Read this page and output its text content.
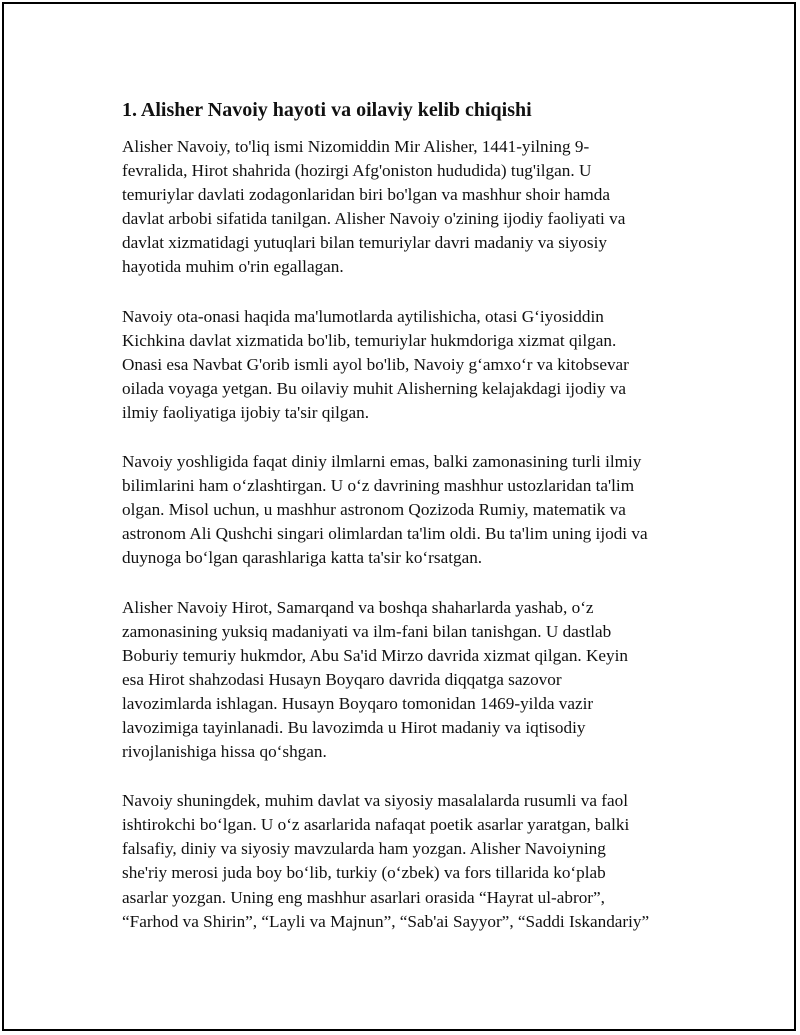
1. Alisher Navoiy hayoti va oilaviy kelib chiqishi

Alisher Navoiy, to'liq ismi Nizomiddin Mir Alisher, 1441-yilning 9-
fevralida, Hirot shahrida (hozirgi Afg'oniston hududida) tug'ilgan. U
temuriylar davlati zodagonlaridan biri bo'lgan va mashhur shoir hamda
davlat arbobi sifatida tanilgan. Alisher Navoiy o'zining ijodiy faoliyati va
davlat xizmatidagi yutuqlari bilan temuriylar davri madaniy va siyosiy
hayotida muhim o'rin egallagan.

Navoiy ota-onasi haqida ma'lumotlarda aytilishicha, otasi G‘iyosiddin
Kichkina davlat xizmatida bo'lib, temuriylar hukmdoriga xizmat qilgan.
Onasi esa Navbat G'orib ismli ayol bo'lib, Navoiy g‘amxo‘r va kitobsevar
oilada voyaga yetgan. Bu oilaviy muhit Alisherning kelajakdagi ijodiy va
ilmiy faoliyatiga ijobiy ta'sir qilgan.

Navoiy yoshligida faqat diniy ilmlarni emas, balki zamonasining turli ilmiy
bilimlarini ham o‘zlashtirgan. U o‘z davrining mashhur ustozlaridan ta'lim
olgan. Misol uchun, u mashhur astronom Qozizoda Rumiy, matematik va
astronom Ali Qushchi singari olimlardan ta'lim oldi. Bu ta'lim uning ijodi va
duynoga bo‘lgan qarashlariga katta ta'sir ko‘rsatgan.

Alisher Navoiy Hirot, Samarqand va boshqa shaharlarda yashab, o‘z
zamonasining yuksiq madaniyati va ilm-fani bilan tanishgan. U dastlab
Boburiy temuriy hukmdor, Abu Sa'id Mirzo davrida xizmat qilgan. Keyin
esa Hirot shahzodasi Husayn Boyqaro davrida diqqatga sazovor
lavozimlarda ishlagan. Husayn Boyqaro tomonidan 1469-yilda vazir
lavozimiga tayinlanadi. Bu lavozimda u Hirot madaniy va iqtisodiy
rivojlanishiga hissa qo‘shgan.

Navoiy shuningdek, muhim davlat va siyosiy masalalarda rusumli va faol
ishtirokchi bo‘lgan. U o‘z asarlarida nafaqat poetik asarlar yaratgan, balki
falsafiy, diniy va siyosiy mavzularda ham yozgan. Alisher Navoiyning
she'riy merosi juda boy bo‘lib, turkiy (o‘zbek) va fors tillarida ko‘plab
asarlar yozgan. Uning eng mashhur asarlari orasida “Hayrat ul-abror”,
“Farhod va Shirin”, “Layli va Majnun”, “Sab'ai Sayyor”, “Saddi Iskandariy”
